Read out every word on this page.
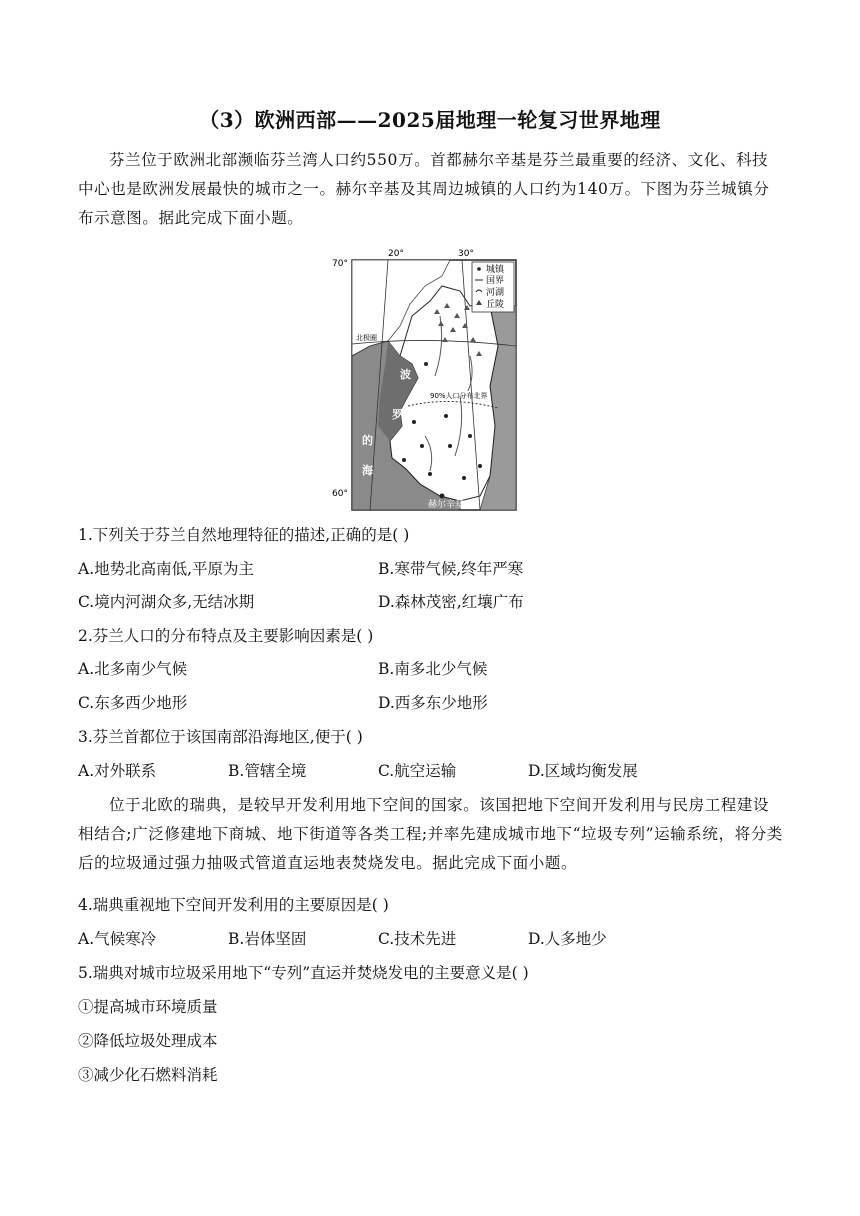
（3）欧洲西部——2025届地理一轮复习世界地理
芬兰位于欧洲北部濒临芬兰湾人口约550万。首都赫尔辛基是芬兰最重要的经济、文化、科技中心也是欧洲发展最快的城市之一。赫尔辛基及其周边城镇的人口约为140万。下图为芬兰城镇分布示意图。据此完成下面小题。
城镇
国界
河湖
丘陵
20°	30°
70°
60°
北极圈
90%人口分布北界
波
罗
的
海
赫尔辛基
1.下列关于芬兰自然地理特征的描述,正确的是( )
A.地势北高南低,平原为主	B.寒带气候,终年严寒
C.境内河湖众多,无结冰期	D.森林茂密,红壤广布
2.芬兰人口的分布特点及主要影响因素是( )
A.北多南少气候	B.南多北少气候
C.东多西少地形	D.西多东少地形
3.芬兰首都位于该国南部沿海地区,便于( )
A.对外联系	B.管辖全境	C.航空运输	D.区域均衡发展
位于北欧的瑞典，是较早开发利用地下空间的国家。该国把地下空间开发利用与民房工程建设相结合;广泛修建地下商城、地下街道等各类工程;并率先建成城市地下“垃圾专列”运输系统，将分类后的垃圾通过强力抽吸式管道直运地表焚烧发电。据此完成下面小题。
4.瑞典重视地下空间开发利用的主要原因是( )
A.气候寒冷	B.岩体坚固	C.技术先进	D.人多地少
5.瑞典对城市垃圾采用地下“专列”直运并焚烧发电的主要意义是( )
①提高城市环境质量
②降低垃圾处理成本
③减少化石燃料消耗
